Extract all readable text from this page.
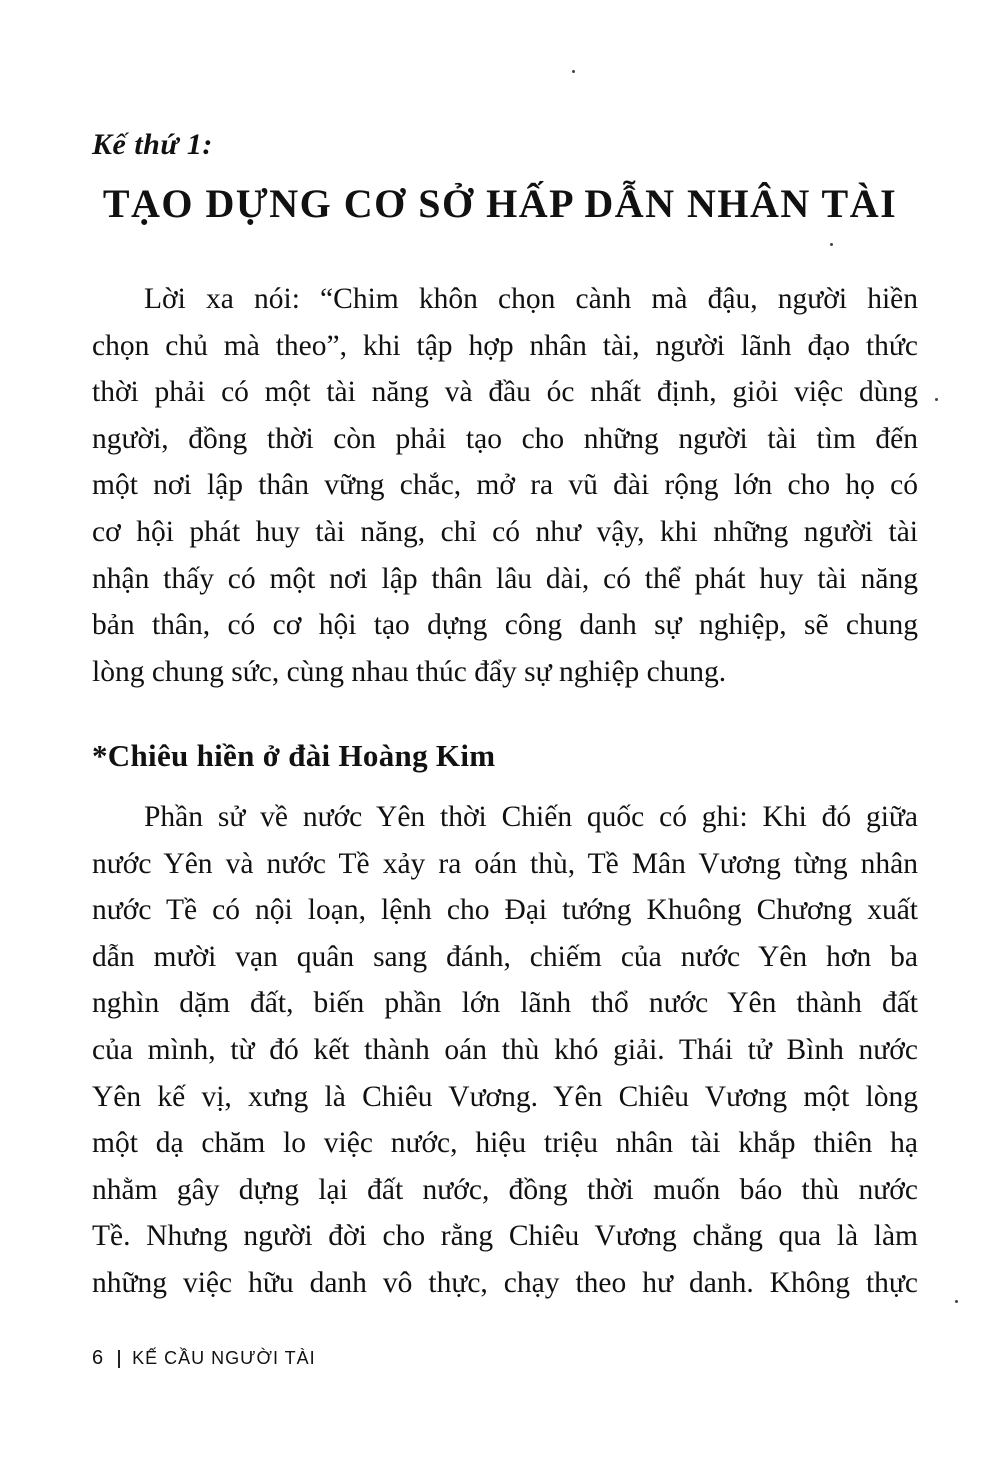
Kế thứ 1:
TẠO DỰNG CƠ SỞ HẤP DẪN NHÂN TÀI

Lời xa nói: “Chim khôn chọn cành mà đậu, người hiền
chọn chủ mà theo”, khi tập hợp nhân tài, người lãnh đạo thức
thời phải có một tài năng và đầu óc nhất định, giỏi việc dùng
người, đồng thời còn phải tạo cho những người tài tìm đến
một nơi lập thân vững chắc, mở ra vũ đài rộng lớn cho họ có
cơ hội phát huy tài năng, chỉ có như vậy, khi những người tài
nhận thấy có một nơi lập thân lâu dài, có thể phát huy tài năng
bản thân, có cơ hội tạo dựng công danh sự nghiệp, sẽ chung
lòng chung sức, cùng nhau thúc đẩy sự nghiệp chung.

*Chiêu hiền ở đài Hoàng Kim

Phần sử về nước Yên thời Chiến quốc có ghi: Khi đó giữa
nước Yên và nước Tề xảy ra oán thù, Tề Mân Vương từng nhân
nước Tề có nội loạn, lệnh cho Đại tướng Khuông Chương xuất
dẫn mười vạn quân sang đánh, chiếm của nước Yên hơn ba
nghìn dặm đất, biến phần lớn lãnh thổ nước Yên thành đất
của mình, từ đó kết thành oán thù khó giải. Thái tử Bình nước
Yên kế vị, xưng là Chiêu Vương. Yên Chiêu Vương một lòng
một dạ chăm lo việc nước, hiệu triệu nhân tài khắp thiên hạ
nhằm gây dựng lại đất nước, đồng thời muốn báo thù nước
Tề. Nhưng người đời cho rằng Chiêu Vương chẳng qua là làm
những việc hữu danh vô thực, chạy theo hư danh. Không thực

6 KẾ CẦU NGƯỜI TÀI
